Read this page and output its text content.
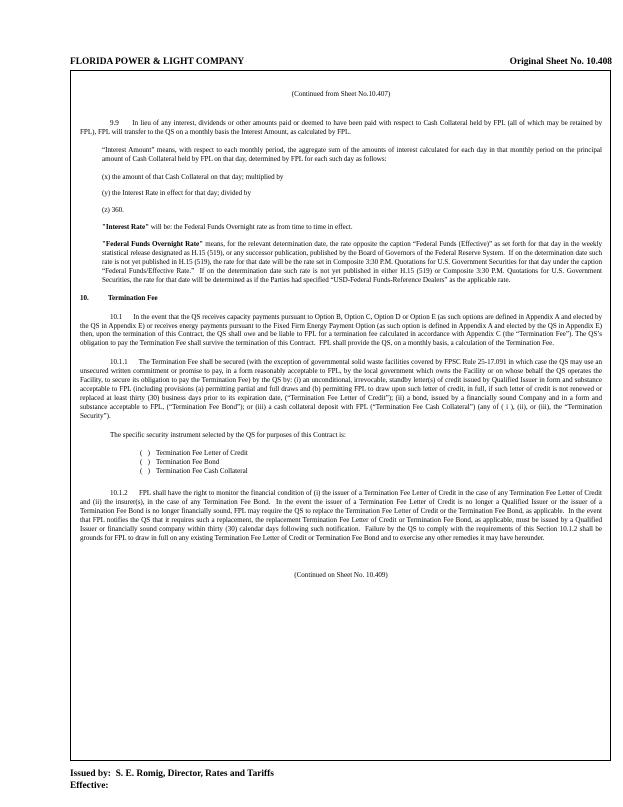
FLORIDA POWER & LIGHT COMPANY	Original Sheet No. 10.408

(Continued from Sheet No.10.407)

9.9      In lieu of any interest, dividends or other amounts paid or deemed to have been paid with respect to Cash Collateral held by FPL (all of which may be retained by FPL), FPL will transfer to the QS on a monthly basis the Interest Amount, as calculated by FPL.

“Interest Amount” means, with respect to each monthly period, the aggregate sum of the amounts of interest calculated for each day in that monthly period on the principal amount of Cash Collateral held by FPL on that day, determined by FPL for each such day as follows:

(x) the amount of that Cash Collateral on that day; multiplied by

(y) the Interest Rate in effect for that day; divided by

(z) 360.

"Interest Rate" will be: the Federal Funds Overnight rate as from time to time in effect.

"Federal Funds Overnight Rate" means, for the relevant determination date, the rate opposite the caption “Federal Funds (Effective)” as set forth for that day in the weekly statistical release designated as H.15 (519), or any successor publication, published by the Board of Governors of the Federal Reserve System.  If on the determination date such rate is not yet published in H.15 (519), the rate for that date will be the rate set in Composite 3:30 P.M. Quotations for U.S. Government Securities for that day under the caption “Federal Funds/Effective Rate.”  If on the determination date such rate is not yet published in either H.15 (519) or Composite 3:30 P.M. Quotations for U.S. Government Securities, the rate for that date will be determined as if the Parties had specified “USD-Federal Funds-Reference Dealers” as the applicable rate.

10.	Termination Fee

10.1      In the event that the QS receives capacity payments pursuant to Option B, Option C, Option D or Option E (as such options are defined in Appendix A and elected by the QS in Appendix E) or receives energy payments pursuant to the Fixed Firm Energy Payment Option (as such option is defined in Appendix A and elected by the QS in Appendix E) then, upon the termination of this Contract, the QS shall owe and be liable to FPL for a termination fee calculated in accordance with Appendix C (the “Termination Fee”). The QS’s obligation to pay the Termination Fee shall survive the termination of this Contract.  FPL shall provide the QS, on a monthly basis, a calculation of the Termination Fee.

10.1.1      The Termination Fee shall be secured (with the exception of governmental solid waste facilities covered by FPSC Rule 25-17.091 in which case the QS may use an unsecured written commitment or promise to pay, in a form reasonably acceptable to FPL, by the local government which owns the Facility or on whose behalf the QS operates the Facility, to secure its obligation to pay the Termination Fee) by the QS by: (i) an unconditional, irrevocable, standby letter(s) of credit issued by Qualified Issuer in form and substance acceptable to FPL (including provisions (a) permitting partial and full draws and (b) permitting FPL to draw upon such letter of credit, in full, if such letter of credit is not renewed or replaced at least thirty (30) business days prior to its expiration date, (“Termination Fee Letter of Credit”); (ii) a bond, issued by a financially sound Company and in a form and substance acceptable to FPL, (“Termination Fee Bond”); or (iii) a cash collateral deposit with FPL (“Termination Fee Cash Collateral”) (any of ( i ), (ii), or (iii), the “Termination Security”).

The specific security instrument selected by the QS for purposes of this Contract is:

(   ) Termination Fee Letter of Credit

(   ) Termination Fee Bond

(   ) Termination Fee Cash Collateral

10.1.2      FPL shall have the right to monitor the financial condition of (i) the issuer of a Termination Fee Letter of Credit in the case of any Termination Fee Letter of Credit and (ii) the insurer(s), in the case of any Termination Fee Bond.  In the event the issuer of a Termination Fee Letter of Credit is no longer a Qualified Issuer or the issuer of a Termination Fee Bond is no longer financially sound, FPL may require the QS to replace the Termination Fee Letter of Credit or the Termination Fee Bond, as applicable.  In the event that FPL notifies the QS that it requires such a replacement, the replacement Termination Fee Letter of Credit or Termination Fee Bond, as applicable, must be issued by a Qualified Issuer or financially sound company within thirty (30) calendar days following such notification.  Failure by the QS to comply with the requirements of this Section 10.1.2 shall be grounds for FPL to draw in full on any existing Termination Fee Letter of Credit or Termination Fee Bond and to exercise any other remedies it may have hereunder.

(Continued on Sheet No. 10.409)

Issued by:  S. E. Romig, Director, Rates and Tariffs
Effective:
